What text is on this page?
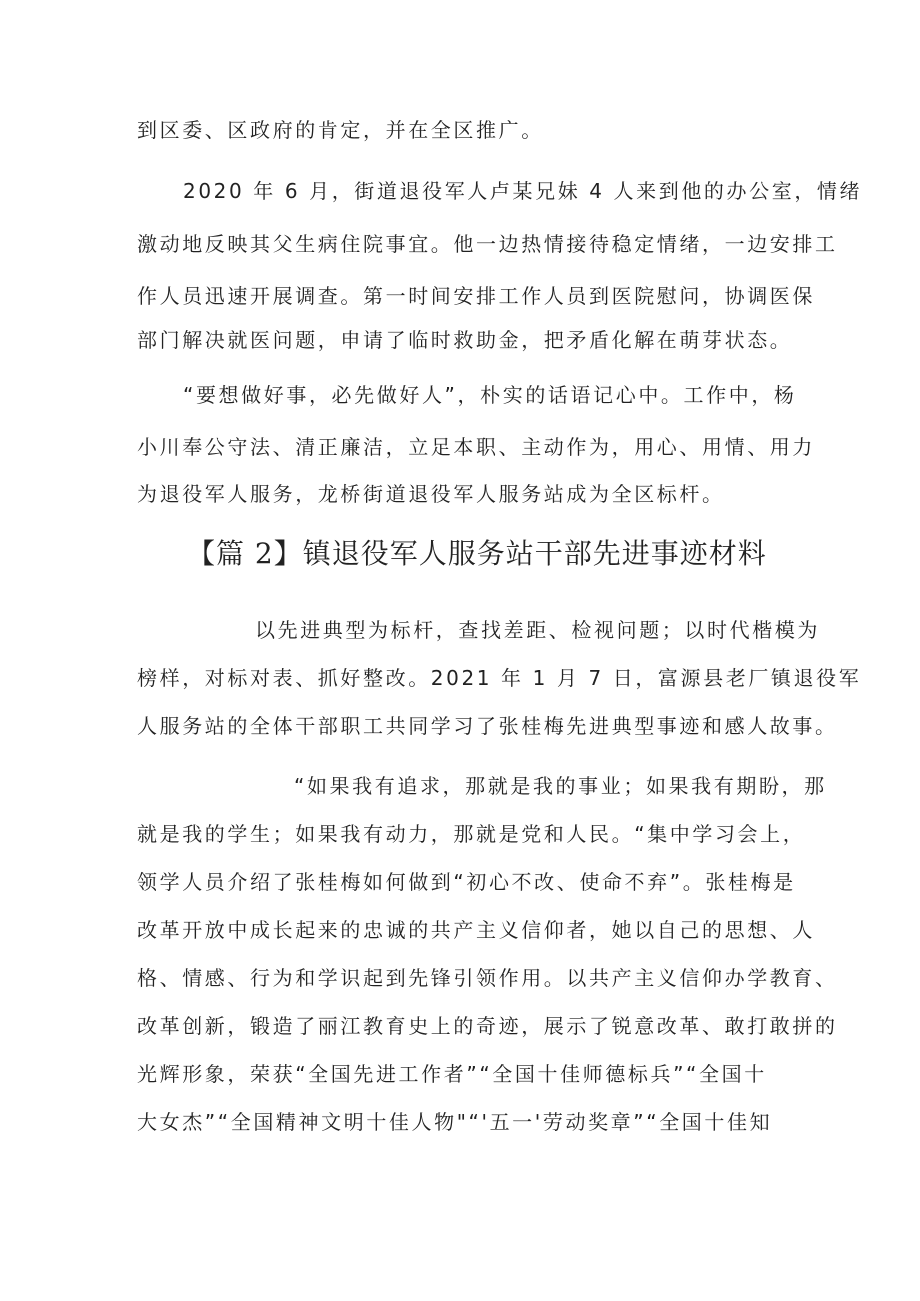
到区委、区政府的肯定，并在全区推广。
2020 年 6 月，街道退役军人卢某兄妹 4 人来到他的办公室，情绪
激动地反映其父生病住院事宜。他一边热情接待稳定情绪，一边安排工
作人员迅速开展调查。第一时间安排工作人员到医院慰问，协调医保
部门解决就医问题，申请了临时救助金，把矛盾化解在萌芽状态。
“要想做好事，必先做好人”，朴实的话语记心中。工作中，杨
小川奉公守法、清正廉洁，立足本职、主动作为，用心、用情、用力
为退役军人服务，龙桥街道退役军人服务站成为全区标杆。
【篇 2】镇退役军人服务站干部先进事迹材料
以先进典型为标杆，查找差距、检视问题；以时代楷模为
榜样，对标对表、抓好整改。2021 年 1 月 7 日，富源县老厂镇退役军
人服务站的全体干部职工共同学习了张桂梅先进典型事迹和感人故事。
“如果我有追求，那就是我的事业；如果我有期盼，那
就是我的学生；如果我有动力，那就是党和人民。“集中学习会上，
领学人员介绍了张桂梅如何做到“初心不改、使命不弃”。张桂梅是
改革开放中成长起来的忠诚的共产主义信仰者，她以自己的思想、人
格、情感、行为和学识起到先锋引领作用。以共产主义信仰办学教育、
改革创新，锻造了丽江教育史上的奇迹，展示了锐意改革、敢打敢拼的
光辉形象，荣获“全国先进工作者”“全国十佳师德标兵”“全国十
大女杰”“全国精神文明十佳人物"“'五一'劳动奖章”“全国十佳知
